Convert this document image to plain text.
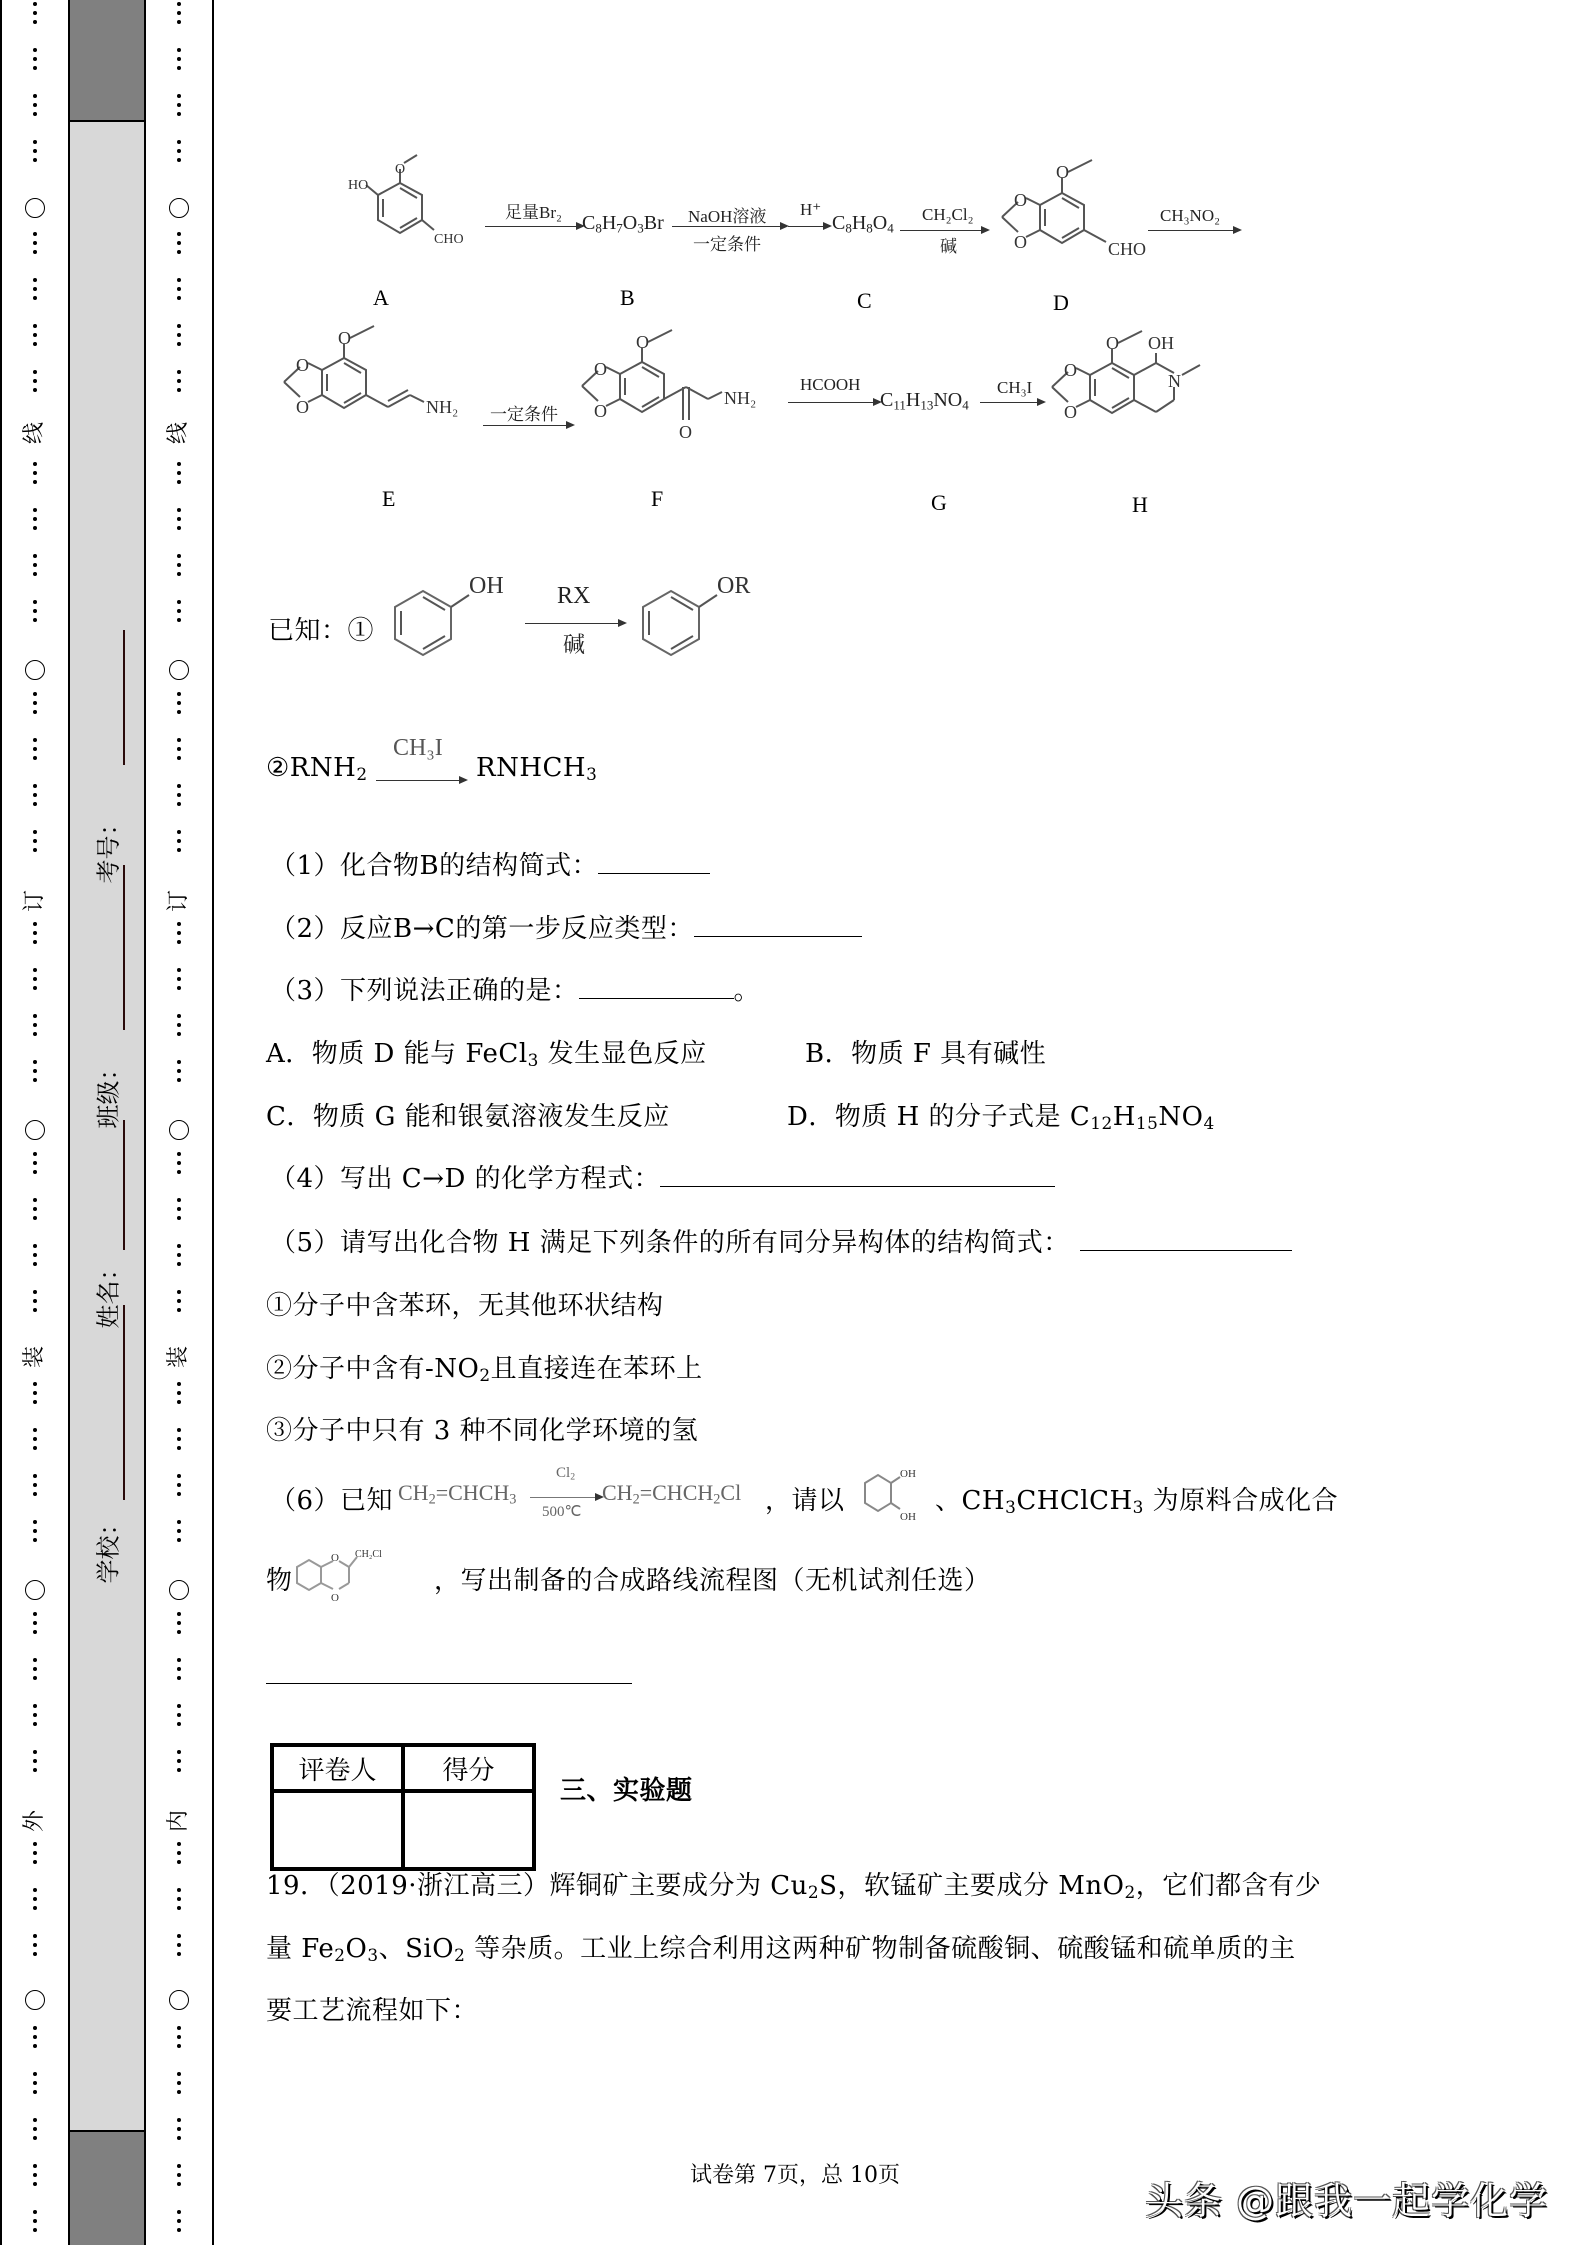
线
订
装
外
线
订
装
内
考号：
班级：
姓名：
学校：
O
HO
CHO
A
足量Br₂ $C_8H_7O_3Br$
B
NaOH溶液
一定条件
H⁺
$C_8H_8O_4$
C
CH₂Cl₂
碱
O
O
O	CHO
D
CH₃NO₂
O
O
O	NH₂
E
一定条件
O
O
O
O
NH₂
F
HCOOH
$C_{11}H_{13}NO_4$
G
CH₃I
O
O
O
OH
N
H
已知：①
OH RX
碱
OR
$②RNH_2$
CH₃I
$RNHCH_3$
（1）化合物B的结构简式：
（2）反应B→C的第一步反应类型：
（3）下列说法正确的是：	。
A．物质 D 能与 FeCl$_3$ 发生显色反应	B．物质 F 具有碱性
C．物质 G 能和银氨溶液发生反应	D．物质 H 的分子式是 $C_{12}H_{15}NO_4$
（4）写出 C→D 的化学方程式：
（5）请写出化合物 H 满足下列条件的所有同分异构体的结构简式：
①分子中含苯环，无其他环状结构
②分子中含有$-NO_2$且直接连在苯环上
③分子中只有 3 种不同化学环境的氢
（6）已知 $CH_2=CHCH_3$
$Cl_2$
500℃
$CH_2=CHCH_2Cl$ ，请以
OH
OH
、$CH_3CHClCH_3$ 为原料合成化合
物
O
O
CH₂Cl
，写出制备的合成路线流程图（无机试剂任选）
评卷人	得分

三、实验题
19．（2019·浙江高三）辉铜矿主要成分为 $Cu_2S$，软锰矿主要成分 MnO$_2$，它们都含有少
量 $Fe_2O_3$、SiO$_2$ 等杂质。工业上综合利用这两种矿物制备硫酸铜、硫酸锰和硫单质的主
要工艺流程如下：
试卷第 7页，总 10页
头条 @跟我一起学化学
